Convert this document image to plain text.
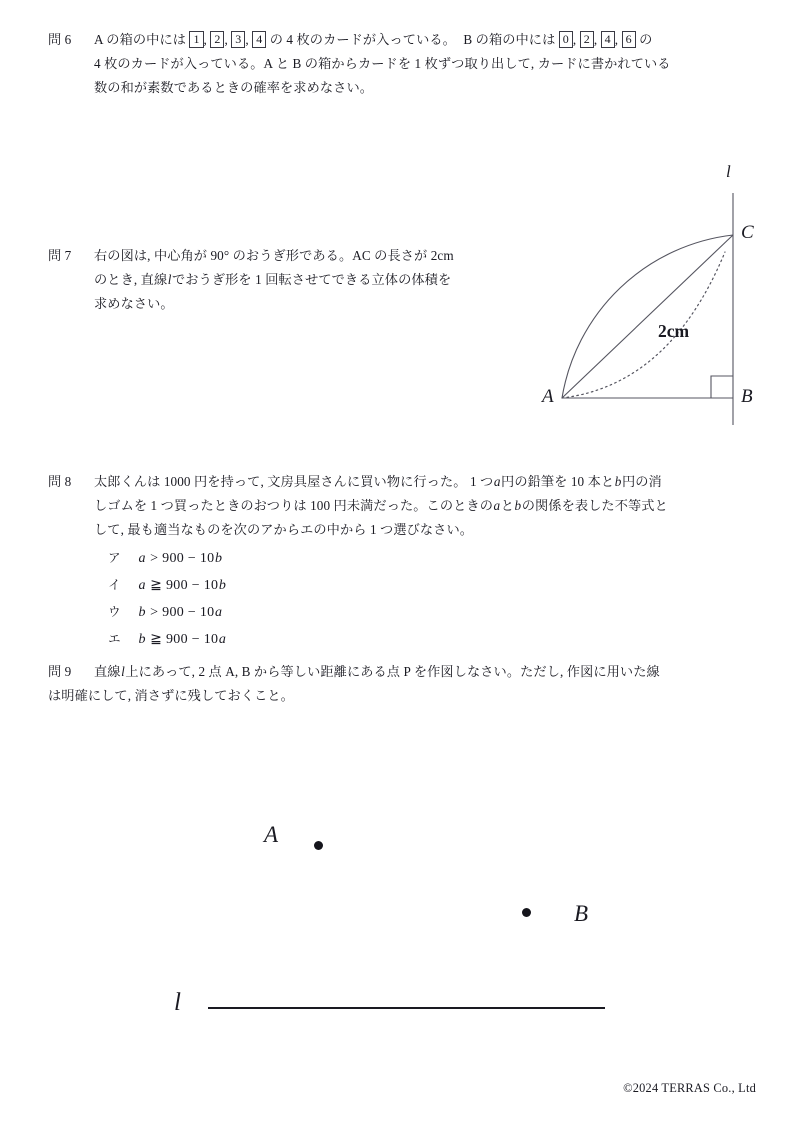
問 6	A の箱の中には 1 , 2 , 3 , 4 の 4 枚のカードが入っている。 B の箱の中には 0 , 2 , 4 , 6 の
4 枚のカードが入っている。A と B の箱からカードを 1 枚ずつ取り出して, カードに書かれている
数の和が素数であるときの確率を求めなさい。
問 7	右の図は, 中心角が 90° のおうぎ形である。AC の長さが 2cm
のとき, 直線lでおうぎ形を 1 回転させてできる立体の体積を
求めなさい。
l
C
B
A
2cm
問 8	太郎くんは 1000 円を持って, 文房具屋さんに買い物に行った。 1 つa円の鉛筆を 10 本とb円の消
しゴムを 1 つ買ったときのおつりは 100 円未満だった。このときのaとbの関係を表した不等式と
して, 最も適当なものを次のアからエの中から 1 つ選びなさい。
ア a > 900 − 10b
イ a ≧ 900 − 10b
ウ b > 900 − 10a
エ b ≧ 900 − 10a
問 9	直線l上にあって, 2 点 A, B から等しい距離にある点 P を作図しなさい。ただし, 作図に用いた線
は明確にして, 消さずに残しておくこと。
A
B
l
©2024 TERRAS Co., Ltd
